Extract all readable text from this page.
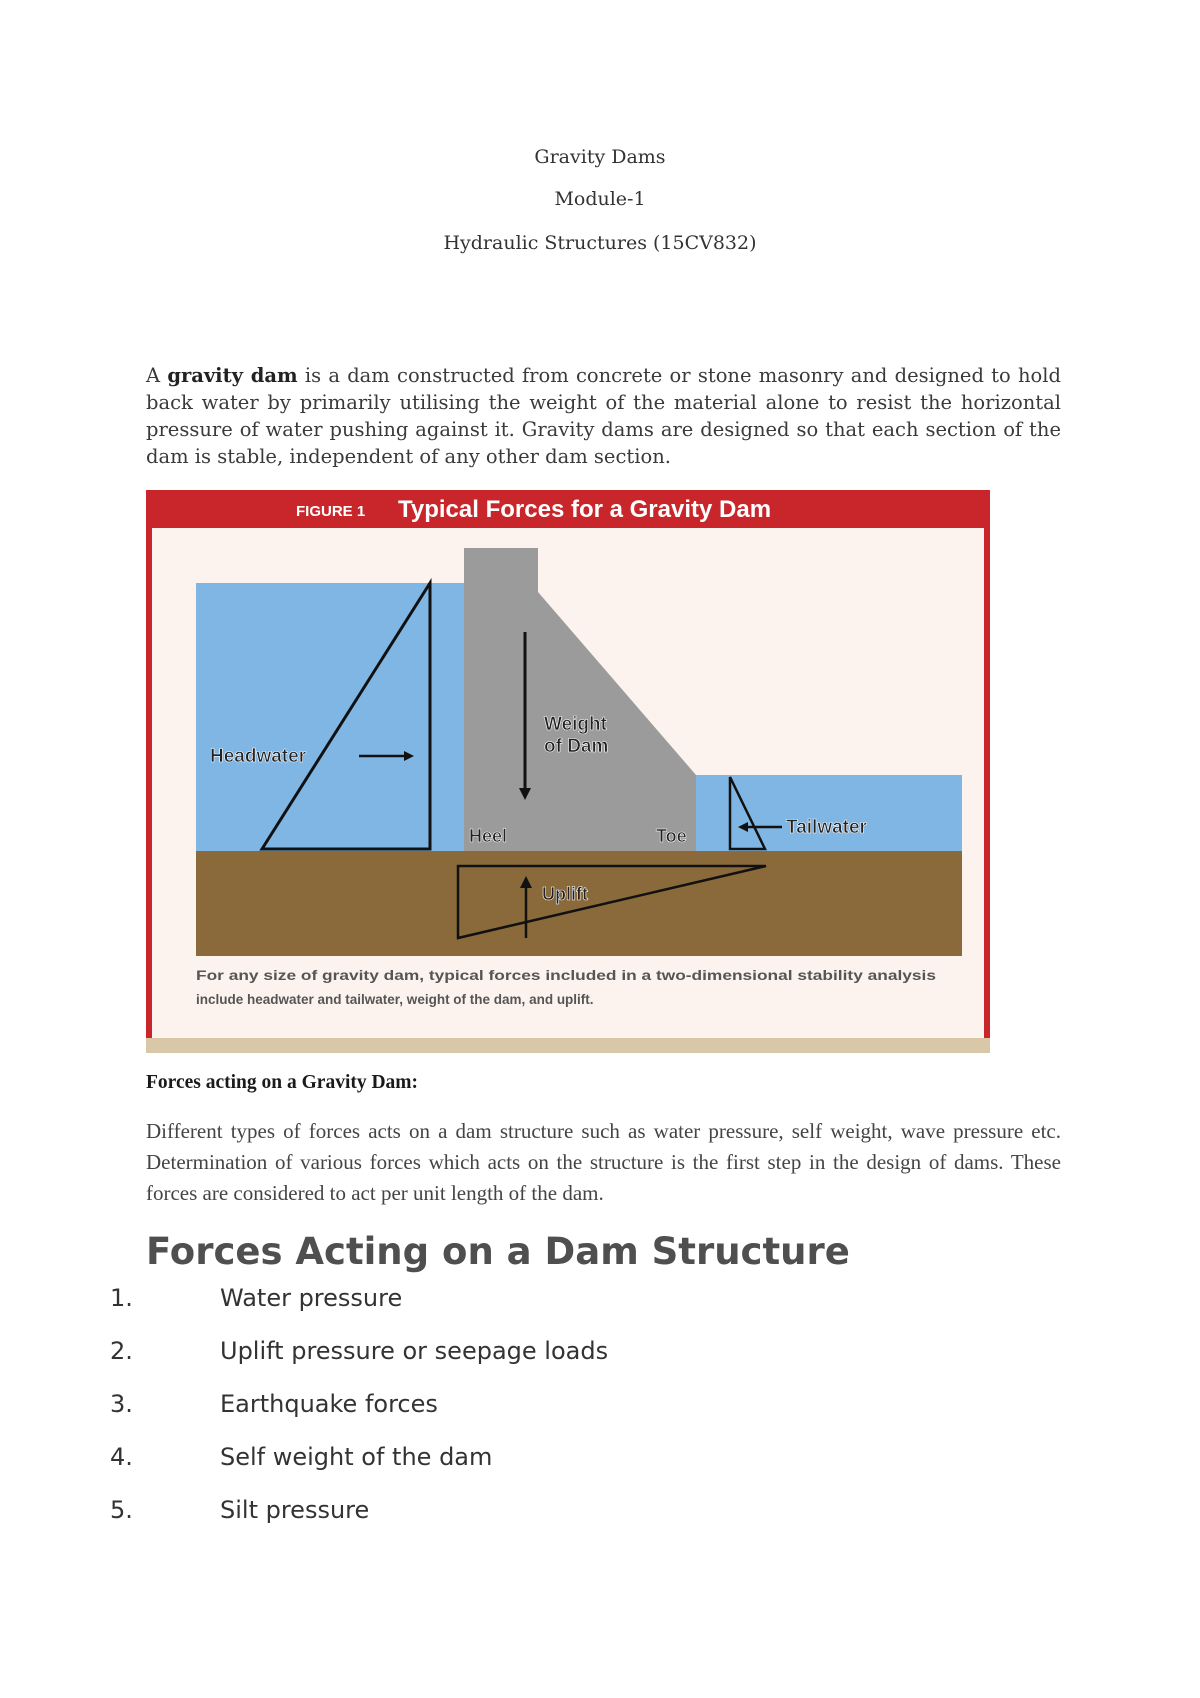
Gravity Dams
Module-1
Hydraulic Structures (15CV832)
A gravity dam is a dam constructed from concrete or stone masonry and designed to hold back water by primarily utilising the weight of the material alone to resist the horizontal pressure of water pushing against it. Gravity dams are designed so that each section of the dam is stable, independent of any other dam section.
FIGURE 1 Typical Forces for a Gravity Dam
Headwater
Weight
of Dam
Heel	Toe	Tailwater
Uplift
For any size of gravity dam, typical forces included in a two-dimensional stability analysis
include headwater and tailwater, weight of the dam, and uplift.
Forces acting on a Gravity Dam:
Different types of forces acts on a dam structure such as water pressure, self weight, wave pressure etc. Determination of various forces which acts on the structure is the first step in the design of dams. These forces are considered to act per unit length of the dam.
Forces Acting on a Dam Structure
1.	Water pressure
2.	Uplift pressure or seepage loads
3.	Earthquake forces
4.	Self weight of the dam
5.	Silt pressure
